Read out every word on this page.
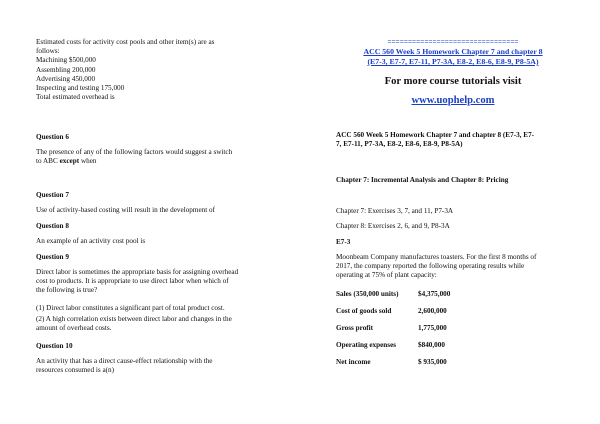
Estimated costs for activity cost pools and other item(s) are as
follows:
Machining $500,000
Assembling 200,000
Advertising 450,000
Inspecting and testing 175,000
Total estimated overhead is

Question 6

The presence of any of the following factors would suggest a switch
to ABC except when

Question 7

Use of activity-based costing will result in the development of

Question 8

An example of an activity cost pool is

Question 9

Direct labor is sometimes the appropriate basis for assigning overhead
cost to products. It is appropriate to use direct labor when which of
the following is true?

(1) Direct labor constitutes a significant part of total product cost.

(2) A high correlation exists between direct labor and changes in the
amount of overhead costs.

Question 10

An activity that has a direct cause-effect relationship with the
resources consumed is a(n)

================================

ACC 560 Week 5 Homework Chapter 7 and chapter 8

(E7-3, E7-7, E7-11, P7-3A, E8-2, E8-6, E8-9, P8-5A)

For more course tutorials visit

www.uophelp.com

ACC 560 Week 5 Homework Chapter 7 and chapter 8 (E7-3, E7-
7, E7-11, P7-3A, E8-2, E8-6, E8-9, P8-5A)

Chapter 7: Incremental Analysis and Chapter 8: Pricing

Chapter 7: Exercises 3, 7, and 11, P7-3A

Chapter 8: Exercises 2, 6, and 9, P8-3A

E7-3

Moonbeam Company manufactures toasters. For the first 8 months of
2017, the company reported the following operating results while
operating at 75% of plant capacity:

Sales (350,000 units)	$4,375,000
Cost of goods sold	2,600,000
Gross profit	1,775,000
Operating expenses	$840,000
Net income	$ 935,000
